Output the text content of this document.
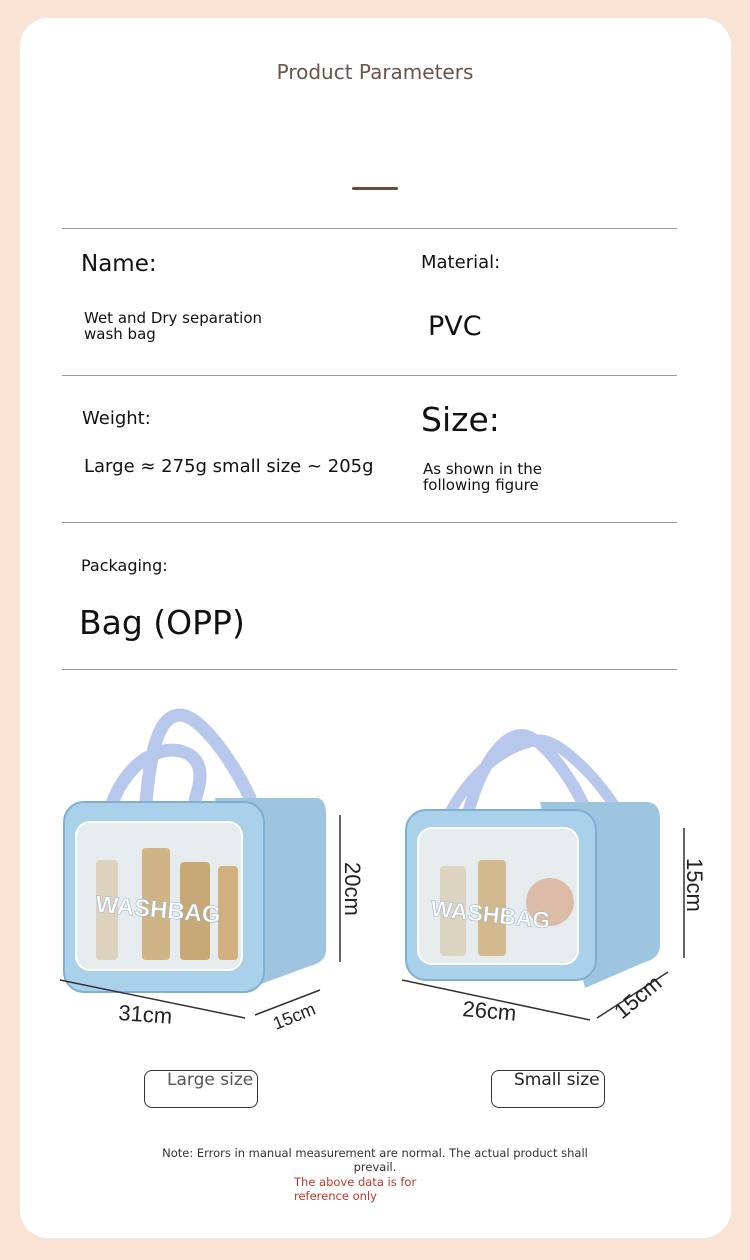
Product Parameters
Name:	Material:
Wet and Dry separation wash bag	PVC
Weight:	Size:
Large ≈ 275g small size ~ 205g	As shown in the following figure
Packaging:
Bag (OPP)
WASHBAG
31cm	15cm
20cm	WASHBAG
26cm	15cm
15cm
Large size	Small size
Note: Errors in manual measurement are normal. The actual product shall prevail.
The above data is for reference only
